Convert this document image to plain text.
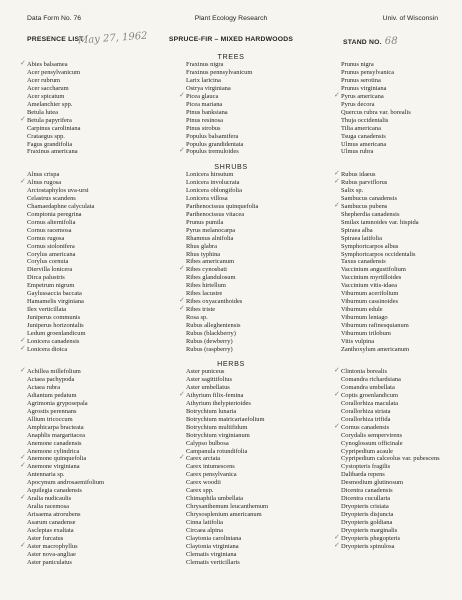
Data Form No. 76	Plant Ecology Research	Univ. of Wisconsin
PRESENCE LIST	SPRUCE-FIR – MIXED HARDWOODS	STAND NO. 68
May 27, 1962
TREES
✓ Abies balsamea
Acer pensylvanicum
Acer rubrum
Acer saccharum
Acer spicatum
Amelanchier spp.
Betula lutea
✓ Betula papyrifera
Carpinus caroliniana
Crataegus spp.
Fagus grandifolia
Fraxinus americana
Fraxinus nigra
Fraxinus pennsylvanicum
Larix laricina
Ostrya virginiana
✓ Picea glauca
Picea mariana
Pinus banksiana
Pinus resinosa
Pinus strobus
Populus balsamifera
Populus grandidentata
✓ Populus tremuloides
Prunus nigra
Prunus pensylvanica
Prunus serotina
Prunus virginiana
✓ Pyrus americana
Pyrus decora
Quercus rubra var. borealis
Thuja occidentalis
Tilia americana
Tsuga canadensis
Ulmus americana
Ulmus rubra
SHRUBS
Alnus crispa
✓ Alnus rugosa
Arctostaphylos uva-ursi
Celastrus scandens
Chamaedaphne calyculata
Comptonia peregrina
Cornus alternifolia
Cornus racemosa
Cornus rugosa
Cornus stolonifera
Corylus americana
Corylus cornuta
Diervilla lonicera
Dirca palustris
Empetrum nigrum
Gaylussaccia baccata
Hamamelis virginiana
Ilex verticillata
Juniperus communis
Juniperus horizontalis
Ledum groenlandicum
✓ Lonicera canadensis
✓ Lonicera dioica
Lonicera hirsutum
Lonicera involucrata
Lonicera oblongifolia
Lonicera villosa
Parthenocissus quinquefolia
Parthenocissus vitacea
Prunus pumila
Pyrus melanocarpa
Rhamnus alnifolia
Rhus glabra
Rhus typhina
Ribes americanum
✓ Ribes cynosbati
Ribes glandulosum
Ribes hirtellum
Ribes lacustre
✓ Ribes oxyacanthoides
✓ Ribes triste
Rosa sp.
Rubus allegheniensis
Rubus (blackberry)
Rubus (dewberry)
Rubus (raspberry)
✓ Rubus idaeus
✓ Rubus parviflorus
Salix sp.
Sambucus canadensis
✓ Sambucus pubens
Shepherdia canadensis
Smilax tamnoides var. hispida
Spiraea alba
Spiraea latifolia
Symphoricarpos albus
Symphoricarpos occidentalis
Taxus canadensis
Vaccinium angustifolium
Vaccinium myrtilloides
Vaccinium vitis-idaea
Viburnum acerifolium
Viburnum cassinoides
Viburnum edule
Viburnum lentago
Viburnum rafinesquianum
Viburnum trilobum
Vitis vulpina
Zanthoxylum americanum
HERBS
✓ Achillea millefolium
Actaea pachypoda
Actaea rubra
Adiantum pedatum
Agrimonia gryposepala
Agrostis perennans
Allium tricoccum
Amphicarpa bracteata
Anaphlis margaritacea
Anemone canadensis
Anemone cylindrica
✓ Anemone quinquefolia
✓ Anemone virginiana
Antennaria sp.
Apocynum androsaemifolium
Aquilegia canadensis
✓ Aralia nudicaulis
Aralia racemosa
Arisaema atrorubens
Asarum canadense
Asclepias exaltata
Aster furcatus
✓ Aster macrophyllus
Aster nova-angliae
Aster paniculatus
Aster puniceus
Aster sagittifolius
Aster umbellatus
✓ Athyrium filix-femina
Athyrium thelypterioides
Botrychium lunaria
Botrychium matricariaefolium
Botrychium multifidum
Botrychium virginianum
Calypso bulbosa
Campanula rotundifolia
✓ Carex arctata
Carex intumescens
Carex pensylvanica
Carex woodii
Carex spp.
Chimaphila umbellata
Chrysanthemum leucanthemum
Chrysosplenium americanum
Cinna latifolia
Circaea alpina
Claytonia caroliniana
Claytonia virginiana
Clematis virginiana
Clematis verticillaris
✓ Clintonia borealis
Comandra richardsiana
Comandra umbellata
✓ Coptis groenlandicum
Corallorhiza maculata
Corallorhiza striata
Corallorhiza trifida
✓ Cornus canadensis
Corydalis sempervirens
Cynoglossum officinale
Cypripedium acaule
Cypripedium calceolus var. pubescens
Cystopteris fragilis
Dalibarda repens
Desmodium glutinosum
Dicentra canadensis
Dicentra cucullaria
Dryopteris cristata
Dryopteris disjuncta
Dryopteris goldiana
Dryopteris marginalis
✓ Dryopteris phegopteris
✓ Dryopteris spinulosa
